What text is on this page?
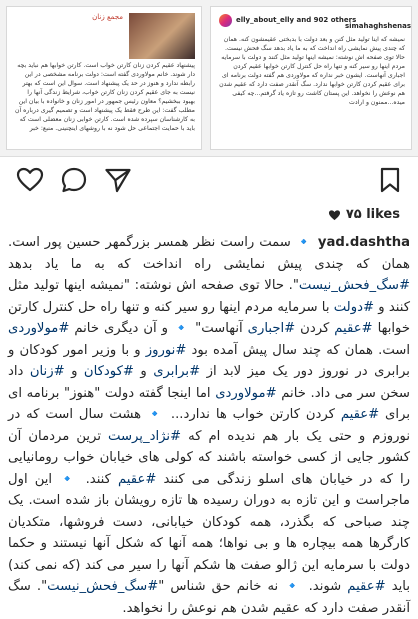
مجمع زنان
پیشنهاد عقیم کردن زنان کارتن خواب است. کارتن خوابها هم نباید بچه دار شوند. خانم مولاوردی گفته است: دولت برنامه مشخصی در این رابطه ندارد و هنوز در حد یک پیشنهاد است. سوال این است که بهتر نیست به جای عقیم کردن زنان کارتن خواب، شرایط زندگی آنها را بهبود ببخشیم؟ معاون رئیس جمهور در امور زنان و خانواده با بیان این مطلب گفت: این طرح فقط یک پیشنهاد است و تصمیم گیری درباره آن به کارشناسان سپرده شده است. کارتن خوابی زنان معضلی است که باید با حمایت اجتماعی حل شود نه با روشهای اینچنینی. منبع: خبر
elly_about_elly and 902 others
simahaghshenas
نمیشه که اینا تولید مثل کنن و بعد دولت با بدبختی عقیمشون کنه. همان که چندی پیش نمایشی راه انداخت که به ما یاد بدهد سگ فحش نیست. حالا توی صفحه اش نوشته: نمیشه اینها تولید مثل کنند و دولت با سرمایه مردم اینها رو سیر کنه و تنها راه حل کنترل کارتن خوابها عقیم کردن اجباری آنهاست. ایشون خبر نداره که مولاوردی هم گفته دولت برنامه ای برای عقیم کردن کارتن خوابها ندارد. سگ آنقدر صفت دارد که عقیم شدن هم نوعش را نخواهد. این پستان کاشت رو تازه یاد گرفتم...چه کیفی میده...ممنون و ارادت
۷۵ likes
yad.dashtha 🔹 سمت راست نظر همسر بزرگمهر حسین پور است. همان که چندی پیش نمایشی راه انداخت که به ما یاد بدهد #سگ_فحش_نیست". حالا توی صفحه اش نوشته: "نمیشه اینها تولید مثل کنند و #دولت با سرمایه مردم اینها رو سیر کنه و تنها راه حل کنترل کارتن خوابها #عقیم کردن #اجباری آنهاست" 🔹 و آن دیگری خانم #مولاوردی است. همان که چند سال پیش آمده بود #نوروز و با وزیر امور کودکان و برابری در نوروز دور یک میز لابد از #برابری و #کودکان و #زنان داد سخن سر می داد. خانم #مولاوردی اما اینجا گفته دولت "هنوز" برنامه ای برای #عقیم کردن کارتن خواب ها ندارد... 🔹 هشت سال است که در نوروزم و حتی یک بار هم ندیده ام که #نژاد_پرست ترین مردمان آن کشور جایی از کسی خواسته باشند که کولی های خیابان خواب رومانیایی را که در خیابان های اسلو زندگی می کنند #عقیم کنند. 🔹 این اول ماجراست و این تازه به دوران رسیده ها تازه رویشان باز شده است. یک چند صباحی که بگذرد، همه کودکان خیابانی، دست فروشها، متکدیان کارگرها همه بیچاره ها و بی نواها؛ همه آنها که شکل آنها نیستند و حکما دولت با سرمایه این ژالو صفت ها شکم آنها را سیر می کند (که نمی کند) باید #عقیم شوند. 🔹 نه خانم حق شناس "#سگ_فحش_نیست". سگ آنقدر صفت دارد که عقیم شدن هم نوعش را نخواهد.
